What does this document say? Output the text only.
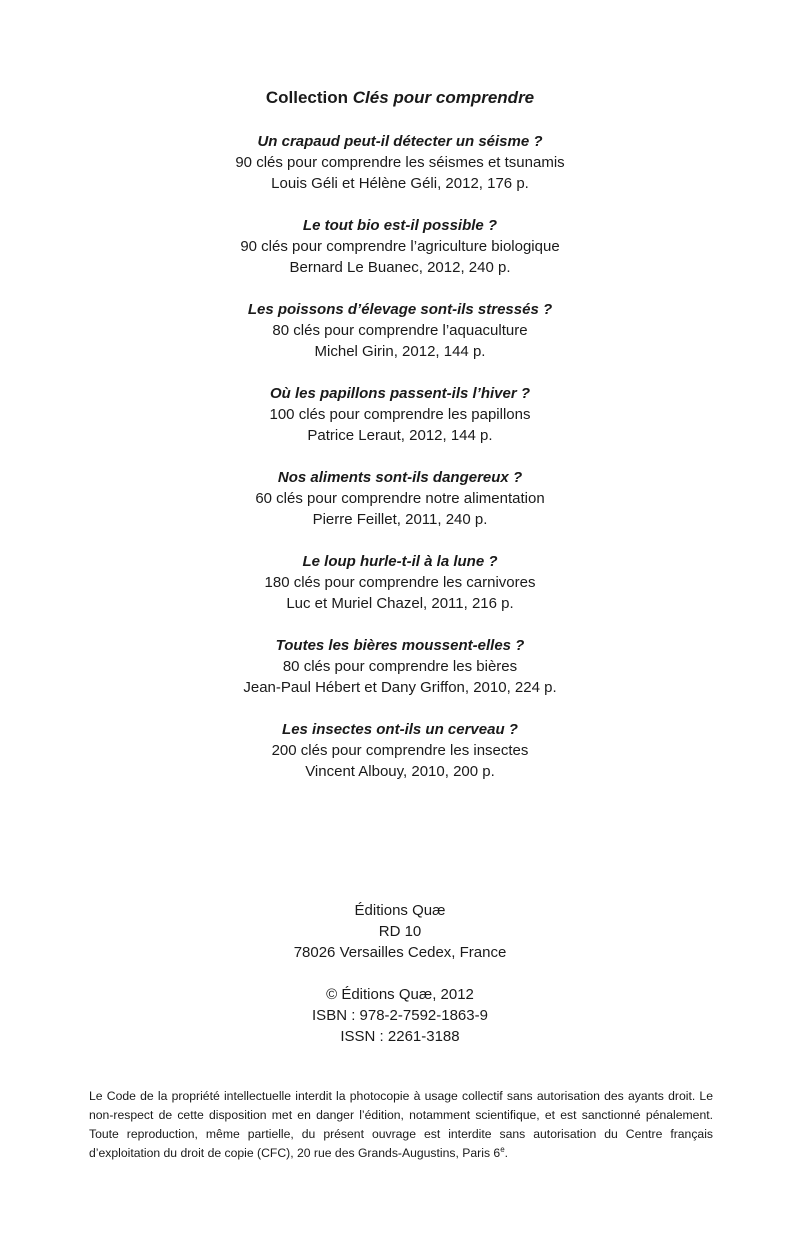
Collection Clés pour comprendre
Un crapaud peut-il détecter un séisme ?
90 clés pour comprendre les séismes et tsunamis
Louis Géli et Hélène Géli, 2012, 176 p.
Le tout bio est-il possible ?
90 clés pour comprendre l’agriculture biologique
Bernard Le Buanec, 2012, 240 p.
Les poissons d’élevage sont-ils stressés ?
80 clés pour comprendre l’aquaculture
Michel Girin, 2012, 144 p.
Où les papillons passent-ils l’hiver ?
100 clés pour comprendre les papillons
Patrice Leraut, 2012, 144 p.
Nos aliments sont-ils dangereux ?
60 clés pour comprendre notre alimentation
Pierre Feillet, 2011, 240 p.
Le loup hurle-t-il à la lune ?
180 clés pour comprendre les carnivores
Luc et Muriel Chazel, 2011, 216 p.
Toutes les bières moussent-elles ?
80 clés pour comprendre les bières
Jean-Paul Hébert et Dany Griffon, 2010, 224 p.
Les insectes ont-ils un cerveau ?
200 clés pour comprendre les insectes
Vincent Albouy, 2010, 200 p.
Éditions Quæ
RD 10
78026 Versailles Cedex, France
© Éditions Quæ, 2012
ISBN : 978-2-7592-1863-9
ISSN : 2261-3188
Le Code de la propriété intellectuelle interdit la photocopie à usage collectif sans autorisation des ayants droit. Le non-respect de cette disposition met en danger l’édition, notamment scientifique, et est sanctionné pénalement. Toute reproduction, même partielle, du présent ouvrage est interdite sans autorisation du Centre français d’exploitation du droit de copie (CFC), 20 rue des Grands-Augustins, Paris 6e.
